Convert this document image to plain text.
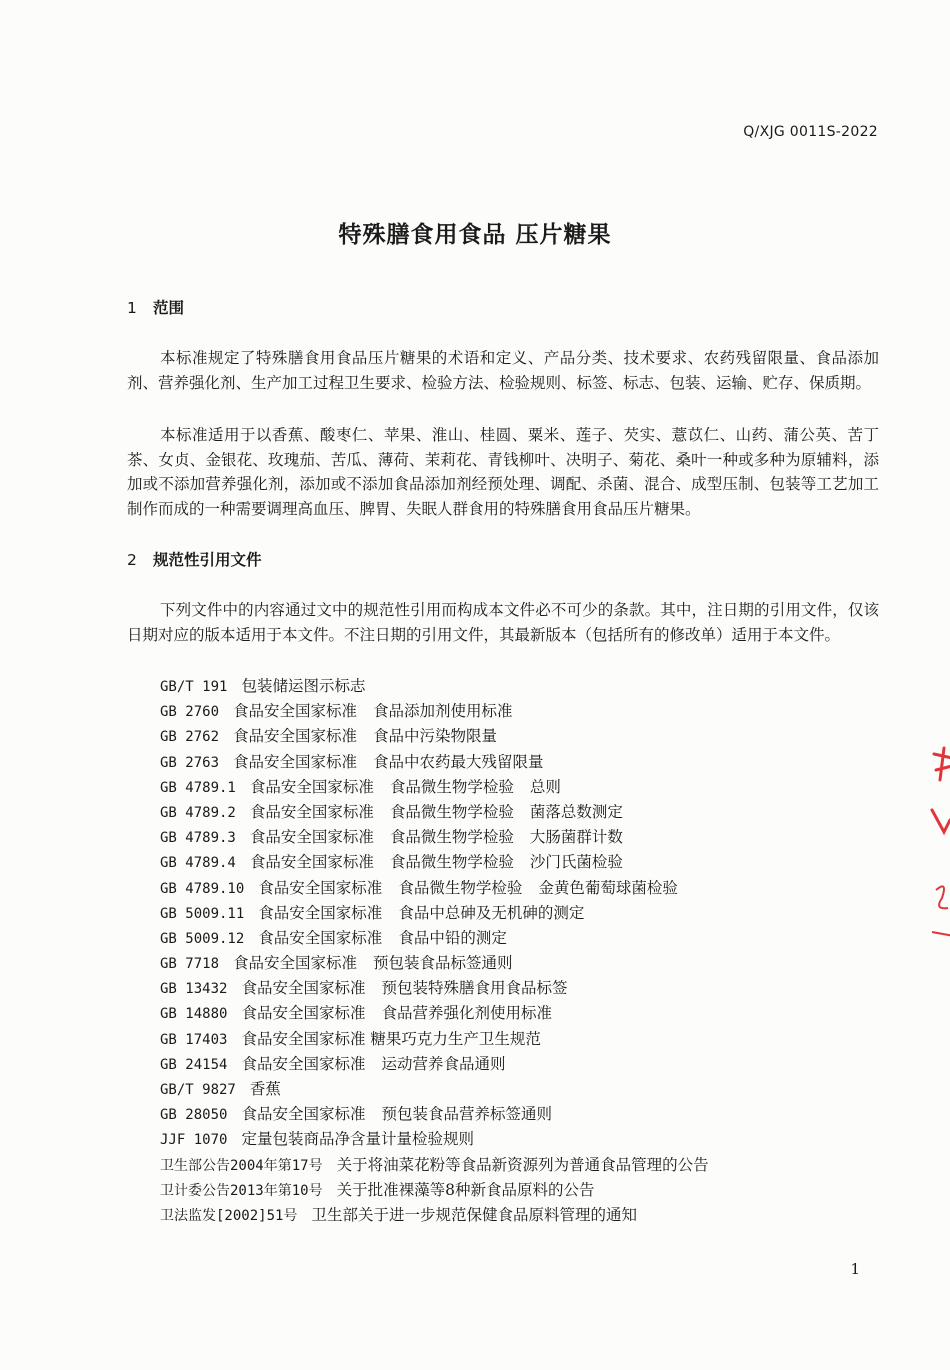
Q/XJG 0011S-2022
特殊膳食用食品 压片糖果
1 范围

本标准规定了特殊膳食用食品压片糖果的术语和定义、产品分类、技术要求、农药残留限量、食品添加剂、营养强化剂、生产加工过程卫生要求、检验方法、检验规则、标签、标志、包装、运输、贮存、保质期。

本标准适用于以香蕉、酸枣仁、苹果、淮山、桂圆、粟米、莲子、芡实、薏苡仁、山药、蒲公英、苦丁茶、女贞、金银花、玫瑰茄、苦瓜、薄荷、茉莉花、青钱柳叶、决明子、菊花、桑叶一种或多种为原辅料，添加或不添加营养强化剂，添加或不添加食品添加剂经预处理、调配、杀菌、混合、成型压制、包装等工艺加工制作而成的一种需要调理高血压、脾胃、失眠人群食用的特殊膳食用食品压片糖果。

2 规范性引用文件

下列文件中的内容通过文中的规范性引用而构成本文件必不可少的条款。其中，注日期的引用文件，仅该日期对应的版本适用于本文件。不注日期的引用文件，其最新版本（包括所有的修改单）适用于本文件。

GB/T 191 包装储运图示标志
GB 2760 食品安全国家标准 食品添加剂使用标准
GB 2762 食品安全国家标准 食品中污染物限量
GB 2763 食品安全国家标准 食品中农药最大残留限量
GB 4789.1 食品安全国家标准 食品微生物学检验 总则
GB 4789.2 食品安全国家标准 食品微生物学检验 菌落总数测定
GB 4789.3 食品安全国家标准 食品微生物学检验 大肠菌群计数
GB 4789.4 食品安全国家标准 食品微生物学检验 沙门氏菌检验
GB 4789.10 食品安全国家标准 食品微生物学检验 金黄色葡萄球菌检验
GB 5009.11 食品安全国家标准 食品中总砷及无机砷的测定
GB 5009.12 食品安全国家标准 食品中铅的测定
GB 7718 食品安全国家标准 预包装食品标签通则
GB 13432 食品安全国家标准 预包装特殊膳食用食品标签
GB 14880 食品安全国家标准 食品营养强化剂使用标准
GB 17403 食品安全国家标准 糖果巧克力生产卫生规范
GB 24154 食品安全国家标准 运动营养食品通则
GB/T 9827 香蕉
GB 28050 食品安全国家标准 预包装食品营养标签通则
JJF 1070 定量包装商品净含量计量检验规则
卫生部公告2004年第17号 关于将油菜花粉等食品新资源列为普通食品管理的公告
卫计委公告2013年第10号 关于批准裸藻等8种新食品原料的公告
卫法监发[2002]51号 卫生部关于进一步规范保健食品原料管理的通知
1
